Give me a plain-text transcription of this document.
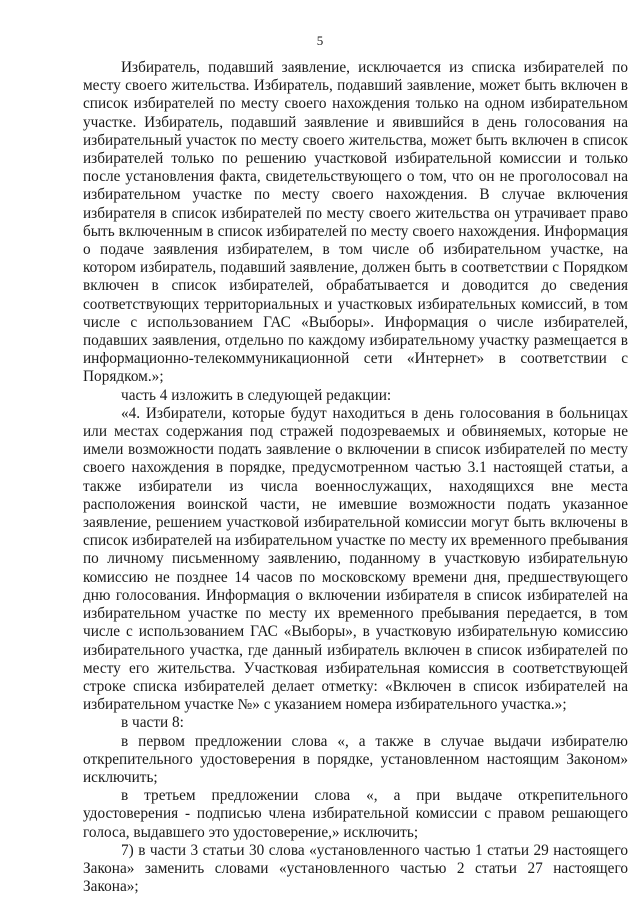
5

Избиратель, подавший заявление, исключается из списка избирателей по месту своего жительства. Избиратель, подавший заявление, может быть включен в список избирателей по месту своего нахождения только на одном избирательном участке. Избиратель, подавший заявление и явившийся в день голосования на избирательный участок по месту своего жительства, может быть включен в список избирателей только по решению участковой избирательной комиссии и только после установления факта, свидетельствующего о том, что он не проголосовал на избирательном участке по месту своего нахождения. В случае включения избирателя в список избирателей по месту своего жительства он утрачивает право быть включенным в список избирателей по месту своего нахождения. Информация о подаче заявления избирателем, в том числе об избирательном участке, на котором избиратель, подавший заявление, должен быть в соответствии с Порядком включен в список избирателей, обрабатывается и доводится до сведения соответствующих территориальных и участковых избирательных комиссий, в том числе с использованием ГАС «Выборы». Информация о числе избирателей, подавших заявления, отдельно по каждому избирательному участку размещается в информационно-телекоммуникационной сети «Интернет» в соответствии с Порядком.»;

часть 4 изложить в следующей редакции:

«4. Избиратели, которые будут находиться в день голосования в больницах или местах содержания под стражей подозреваемых и обвиняемых, которые не имели возможности подать заявление о включении в список избирателей по месту своего нахождения в порядке, предусмотренном частью 3.1 настоящей статьи, а также избиратели из числа военнослужащих, находящихся вне места расположения воинской части, не имевшие возможности подать указанное заявление, решением участковой избирательной комиссии могут быть включены в список избирателей на избирательном участке по месту их временного пребывания по личному письменному заявлению, поданному в участковую избирательную комиссию не позднее 14 часов по московскому времени дня, предшествующего дню голосования. Информация о включении избирателя в список избирателей на избирательном участке по месту их временного пребывания передается, в том числе с использованием ГАС «Выборы», в участковую избирательную комиссию избирательного участка, где данный избиратель включен в список избирателей по месту его жительства. Участковая избирательная комиссия в соответствующей строке списка избирателей делает отметку: «Включен в список избирателей на избирательном участке №» с указанием номера избирательного участка.»;

в части 8:

в первом предложении слова «, а также в случае выдачи избирателю открепительного удостоверения в порядке, установленном настоящим Законом» исключить;

в третьем предложении слова «, а при выдаче открепительного удостоверения - подписью члена избирательной комиссии с правом решающего голоса, выдавшего это удостоверение,» исключить;

7) в части 3 статьи 30 слова «установленного частью 1 статьи 29 настоящего Закона» заменить словами «установленного частью 2 статьи 27 настоящего Закона»;
